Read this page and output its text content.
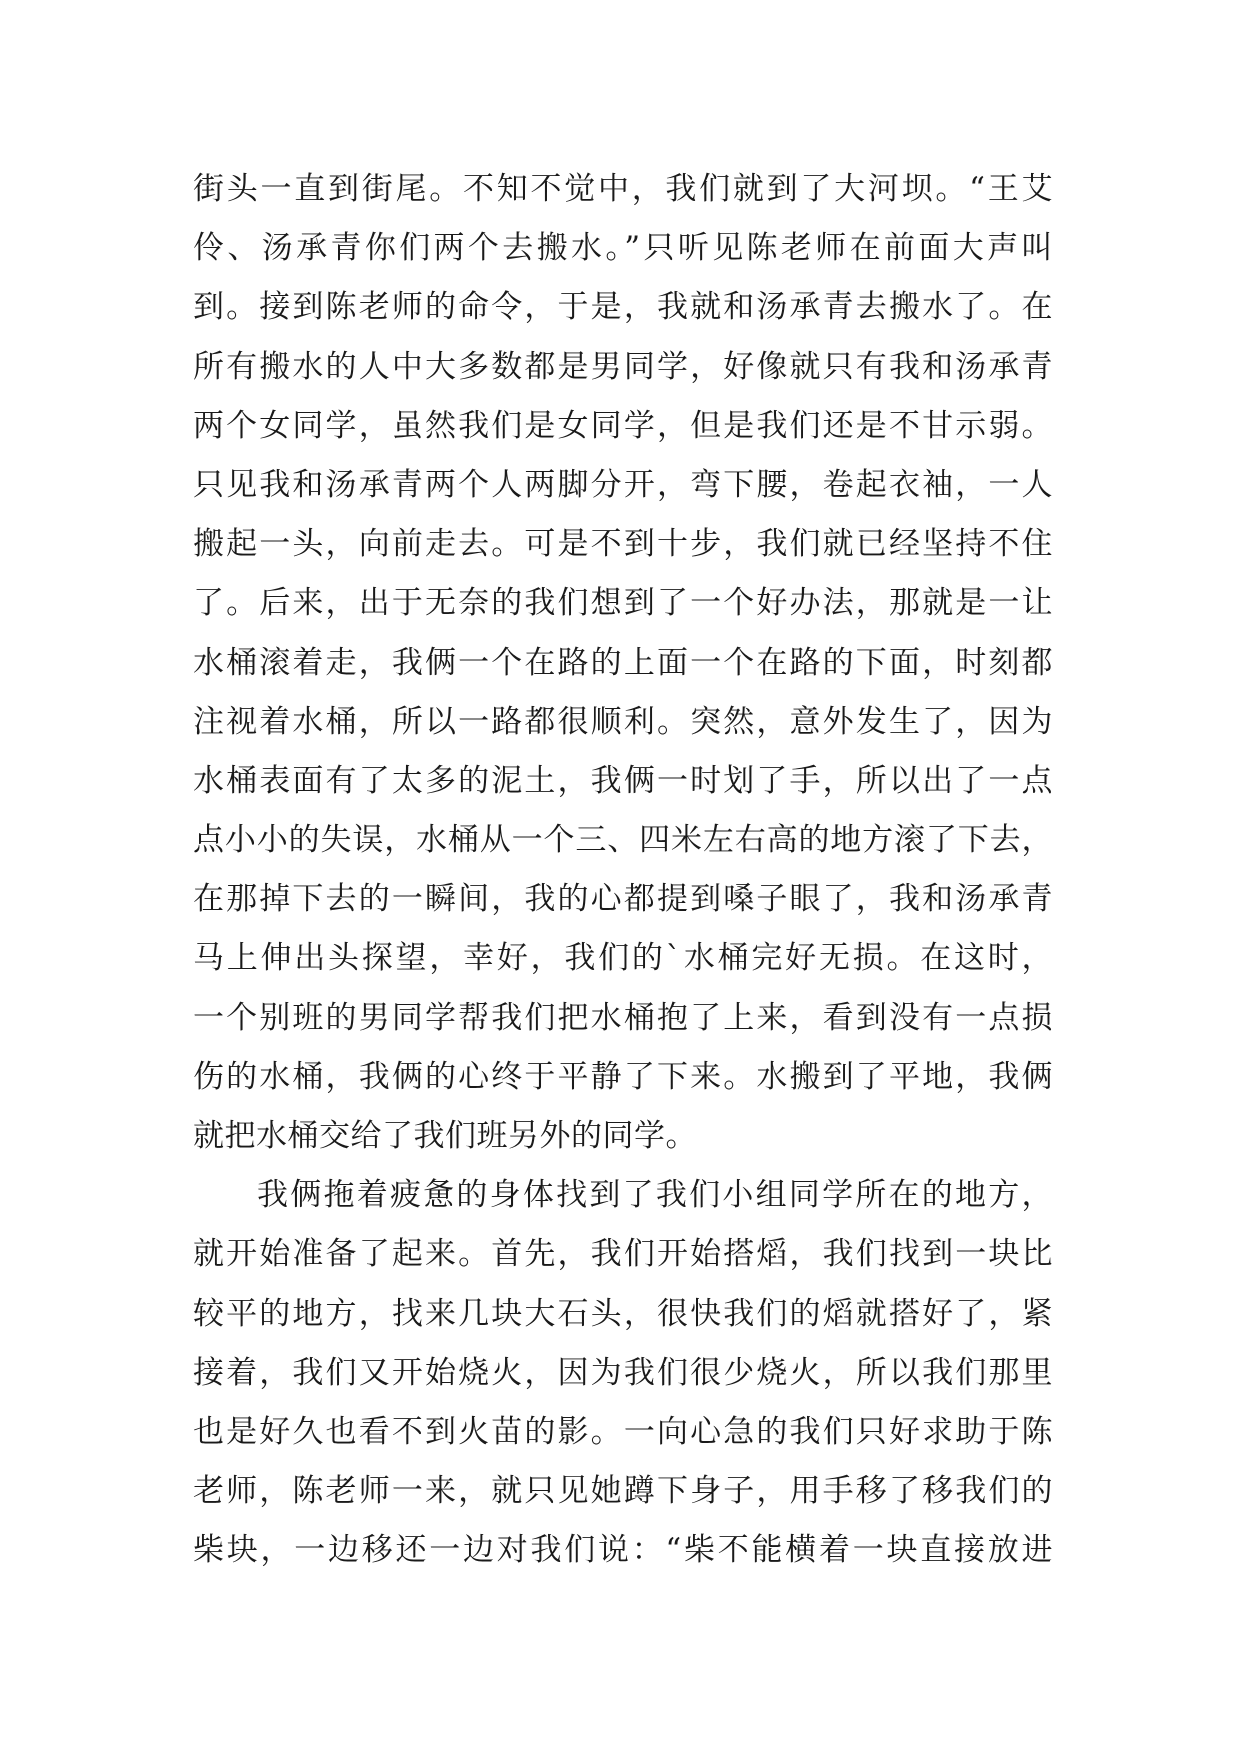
街头一直到街尾。不知不觉中，我们就到了大河坝。“王艾
伶、汤承青你们两个去搬水。”只听见陈老师在前面大声叫
到。接到陈老师的命令，于是，我就和汤承青去搬水了。在
所有搬水的人中大多数都是男同学，好像就只有我和汤承青
两个女同学，虽然我们是女同学，但是我们还是不甘示弱。
只见我和汤承青两个人两脚分开，弯下腰，卷起衣袖，一人
搬起一头，向前走去。可是不到十步，我们就已经坚持不住
了。后来，出于无奈的我们想到了一个好办法，那就是一让
水桶滚着走，我俩一个在路的上面一个在路的下面，时刻都
注视着水桶，所以一路都很顺利。突然，意外发生了，因为
水桶表面有了太多的泥土，我俩一时划了手，所以出了一点
点小小的失误，水桶从一个三、四米左右高的地方滚了下去，
在那掉下去的一瞬间，我的心都提到嗓子眼了，我和汤承青
马上伸出头探望，幸好，我们的`水桶完好无损。在这时，
一个别班的男同学帮我们把水桶抱了上来，看到没有一点损
伤的水桶，我俩的心终于平静了下来。水搬到了平地，我俩
就把水桶交给了我们班另外的同学。
我俩拖着疲惫的身体找到了我们小组同学所在的地方，
就开始准备了起来。首先，我们开始搭熖，我们找到一块比
较平的地方，找来几块大石头，很快我们的熖就搭好了，紧
接着，我们又开始烧火，因为我们很少烧火，所以我们那里
也是好久也看不到火苗的影。一向心急的我们只好求助于陈
老师，陈老师一来，就只见她蹲下身子，用手移了移我们的
柴块，一边移还一边对我们说：“柴不能横着一块直接放进
